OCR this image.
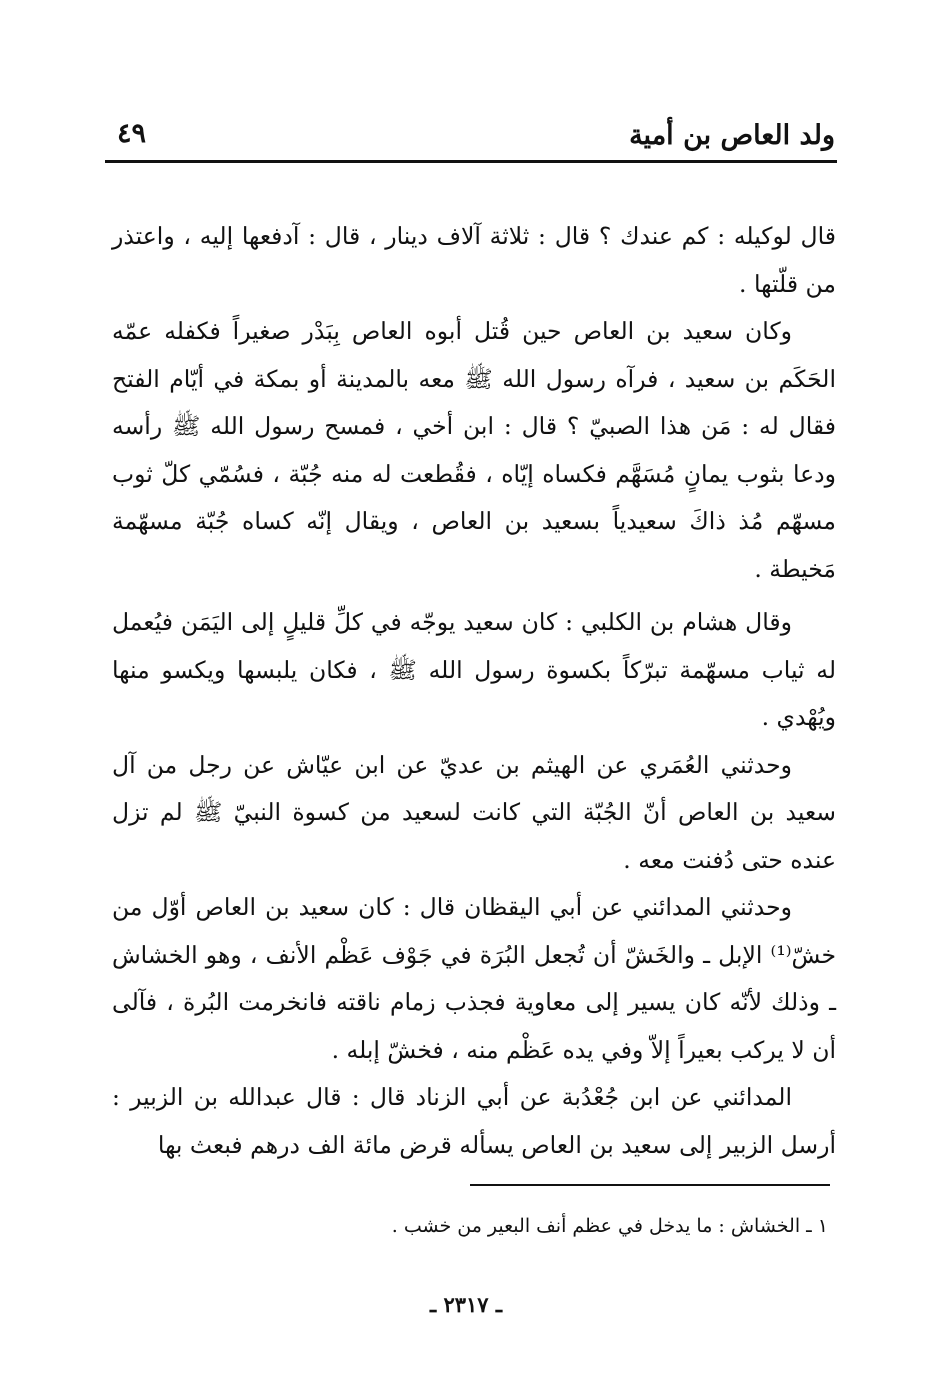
ولد العاص بن أمية
٤٩

قال لوكيله : كم عندك ؟ قال : ثلاثة آلاف دينار ، قال : آدفعها إليه ، واعتذر من قلّتها .

وكان سعيد بن العاص حين قُتل أبوه العاص بِبَدْر صغيراً فكفله عمّه الحَكَم بن سعيد ، فرآه رسول الله ﷺ معه بالمدينة أو بمكة في أيّام الفتح فقال له : مَن هذا الصبيّ ؟ قال : ابن أخي ، فمسح رسول الله ﷺ رأسه ودعا بثوب يمانٍ مُسَهَّم فكساه إيّاه ، فقُطعت له منه جُبّة ، فسُمّي كلّ ثوب مسهّم مُذ ذاكَ سعيدياً بسعيد بن العاص ، ويقال إنّه كساه جُبّة مسهّمة مَخيطة .

وقال هشام بن الكلبي : كان سعيد يوجّه في كلِّ قليلٍ إلى اليَمَن فيُعمل له ثياب مسهّمة تبرّكاً بكسوة رسول الله ﷺ ، فكان يلبسها ويكسو منها ويُهْدي .

وحدثني العُمَري عن الهيثم بن عديّ عن ابن عيّاش عن رجل من آل سعيد بن العاص أنّ الجُبّة التي كانت لسعيد من كسوة النبيّ ﷺ لم تزل عنده حتى دُفنت معه .

وحدثني المدائني عن أبي اليقظان قال : كان سعيد بن العاص أوّل من خشّ⁽¹⁾ الإبل ـ والخَشّ أن تُجعل البُرَة في جَوْف عَظْم الأنف ، وهو الخشاش ـ وذلك لأنّه كان يسير إلى معاوية فجذب زمام ناقته فانخرمت البُرة ، فآلى أن لا يركب بعيراً إلاّ وفي يده عَظْم منه ، فخشّ إبله .

المدائني عن ابن جُعْدُبة عن أبي الزناد قال : قال عبدالله بن الزبير : أرسل الزبير إلى سعيد بن العاص يسأله قرض مائة الف درهم فبعث بها

١ ـ الخشاش : ما يدخل في عظم أنف البعير من خشب .
ـ ٢٣١٧ ـ
